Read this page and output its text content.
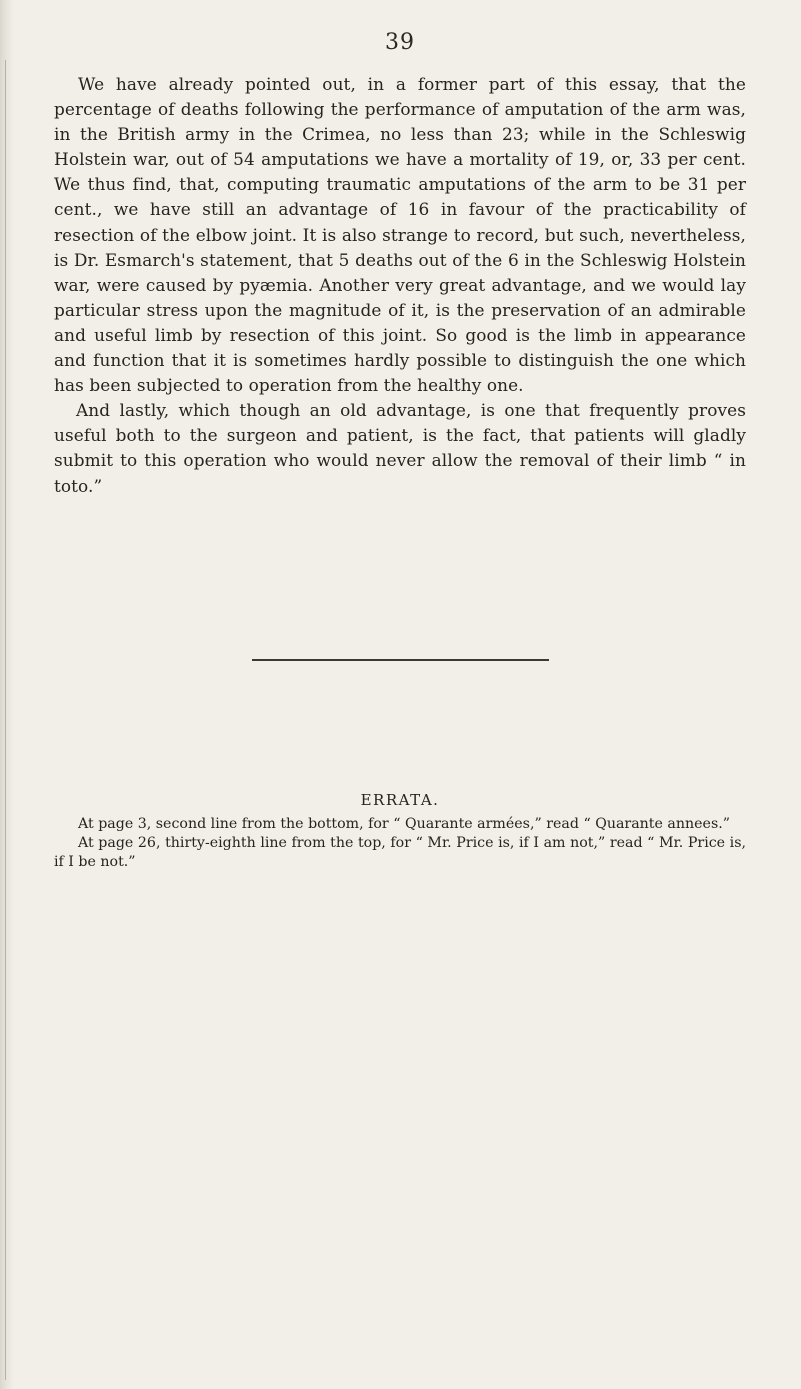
39

We have already pointed out, in a former part of this essay, that the percentage of deaths following the performance of amputation of the arm was, in the British army in the Crimea, no less than 23; while in the Schleswig Holstein war, out of 54 amputations we have a mortality of 19, or, 33 per cent. We thus find, that, computing traumatic amputations of the arm to be 31 per cent., we have still an advantage of 16 in favour of the practicability of resection of the elbow joint. It is also strange to record, but such, nevertheless, is Dr. Esmarch's statement, that 5 deaths out of the 6 in the Schleswig Holstein war, were caused by pyæmia. Another very great advantage, and we would lay particular stress upon the magnitude of it, is the preservation of an admirable and useful limb by resection of this joint. So good is the limb in appearance and function that it is sometimes hardly possible to distinguish the one which has been subjected to operation from the healthy one.

And lastly, which though an old advantage, is one that frequently proves useful both to the surgeon and patient, is the fact, that patients will gladly submit to this operation who would never allow the removal of their limb “ in toto.”

ERRATA.

At page 3, second line from the bottom, for “ Quarante armées,” read “ Quarante annees.”

At page 26, thirty-eighth line from the top, for “ Mr. Price is, if I am not,” read “ Mr. Price is, if I be not.”
